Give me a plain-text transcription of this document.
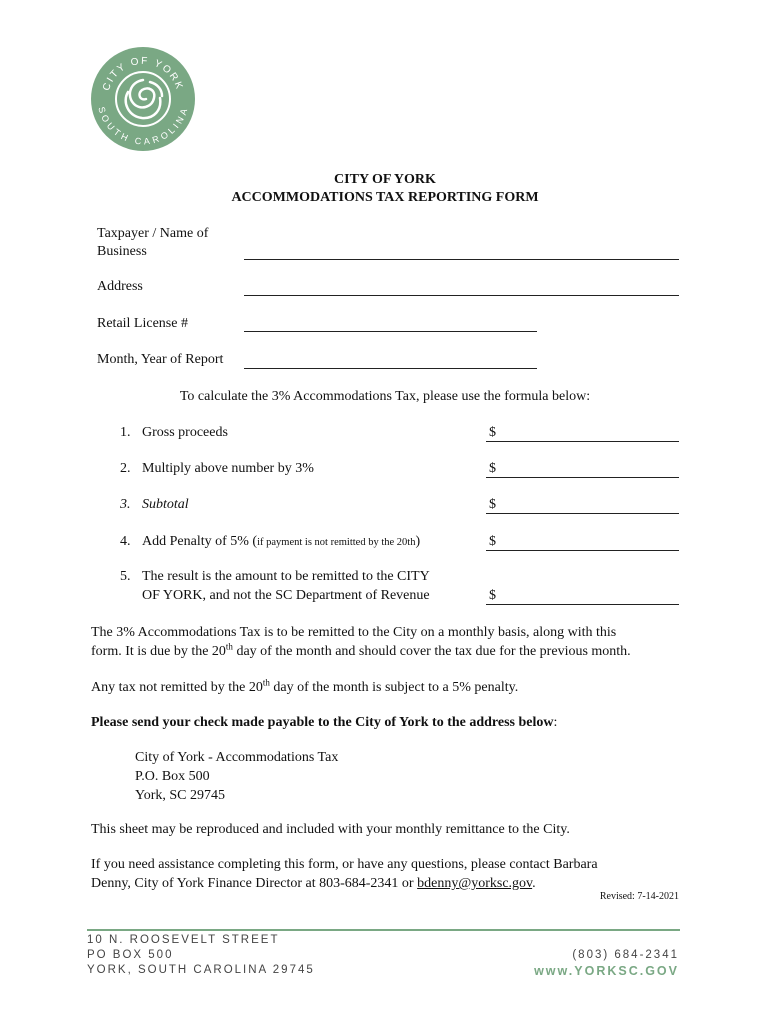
CITY OF YORK
SOUTH CAROLINA
CITY OF YORK
ACCOMMODATIONS TAX REPORTING FORM
Taxpayer / Name of
Business
Address
Retail License #
Month, Year of Report
To calculate the 3% Accommodations Tax, please use the formula below:
1. Gross proceeds	$
2. Multiply above number by 3%	$
3. Subtotal	$
4. Add Penalty of 5% (if payment is not remitted by the 20th)	$
5. The result is the amount to be remitted to the CITY
OF YORK, and not the SC Department of Revenue	$
The 3% Accommodations Tax is to be remitted to the City on a monthly basis, along with this
form. It is due by the 20th day of the month and should cover the tax due for the previous month.
Any tax not remitted by the 20th day of the month is subject to a 5% penalty.
Please send your check made payable to the City of York to the address below:
City of York - Accommodations Tax
P.O. Box 500
York, SC 29745
This sheet may be reproduced and included with your monthly remittance to the City.
If you need assistance completing this form, or have any questions, please contact Barbara
Denny, City of York Finance Director at 803-684-2341 or bdenny@yorksc.gov.
Revised: 7-14-2021
10 N. ROOSEVELT STREET
PO BOX 500
YORK, SOUTH CAROLINA 29745
(803) 684-2341
www.YORKSC.GOV
